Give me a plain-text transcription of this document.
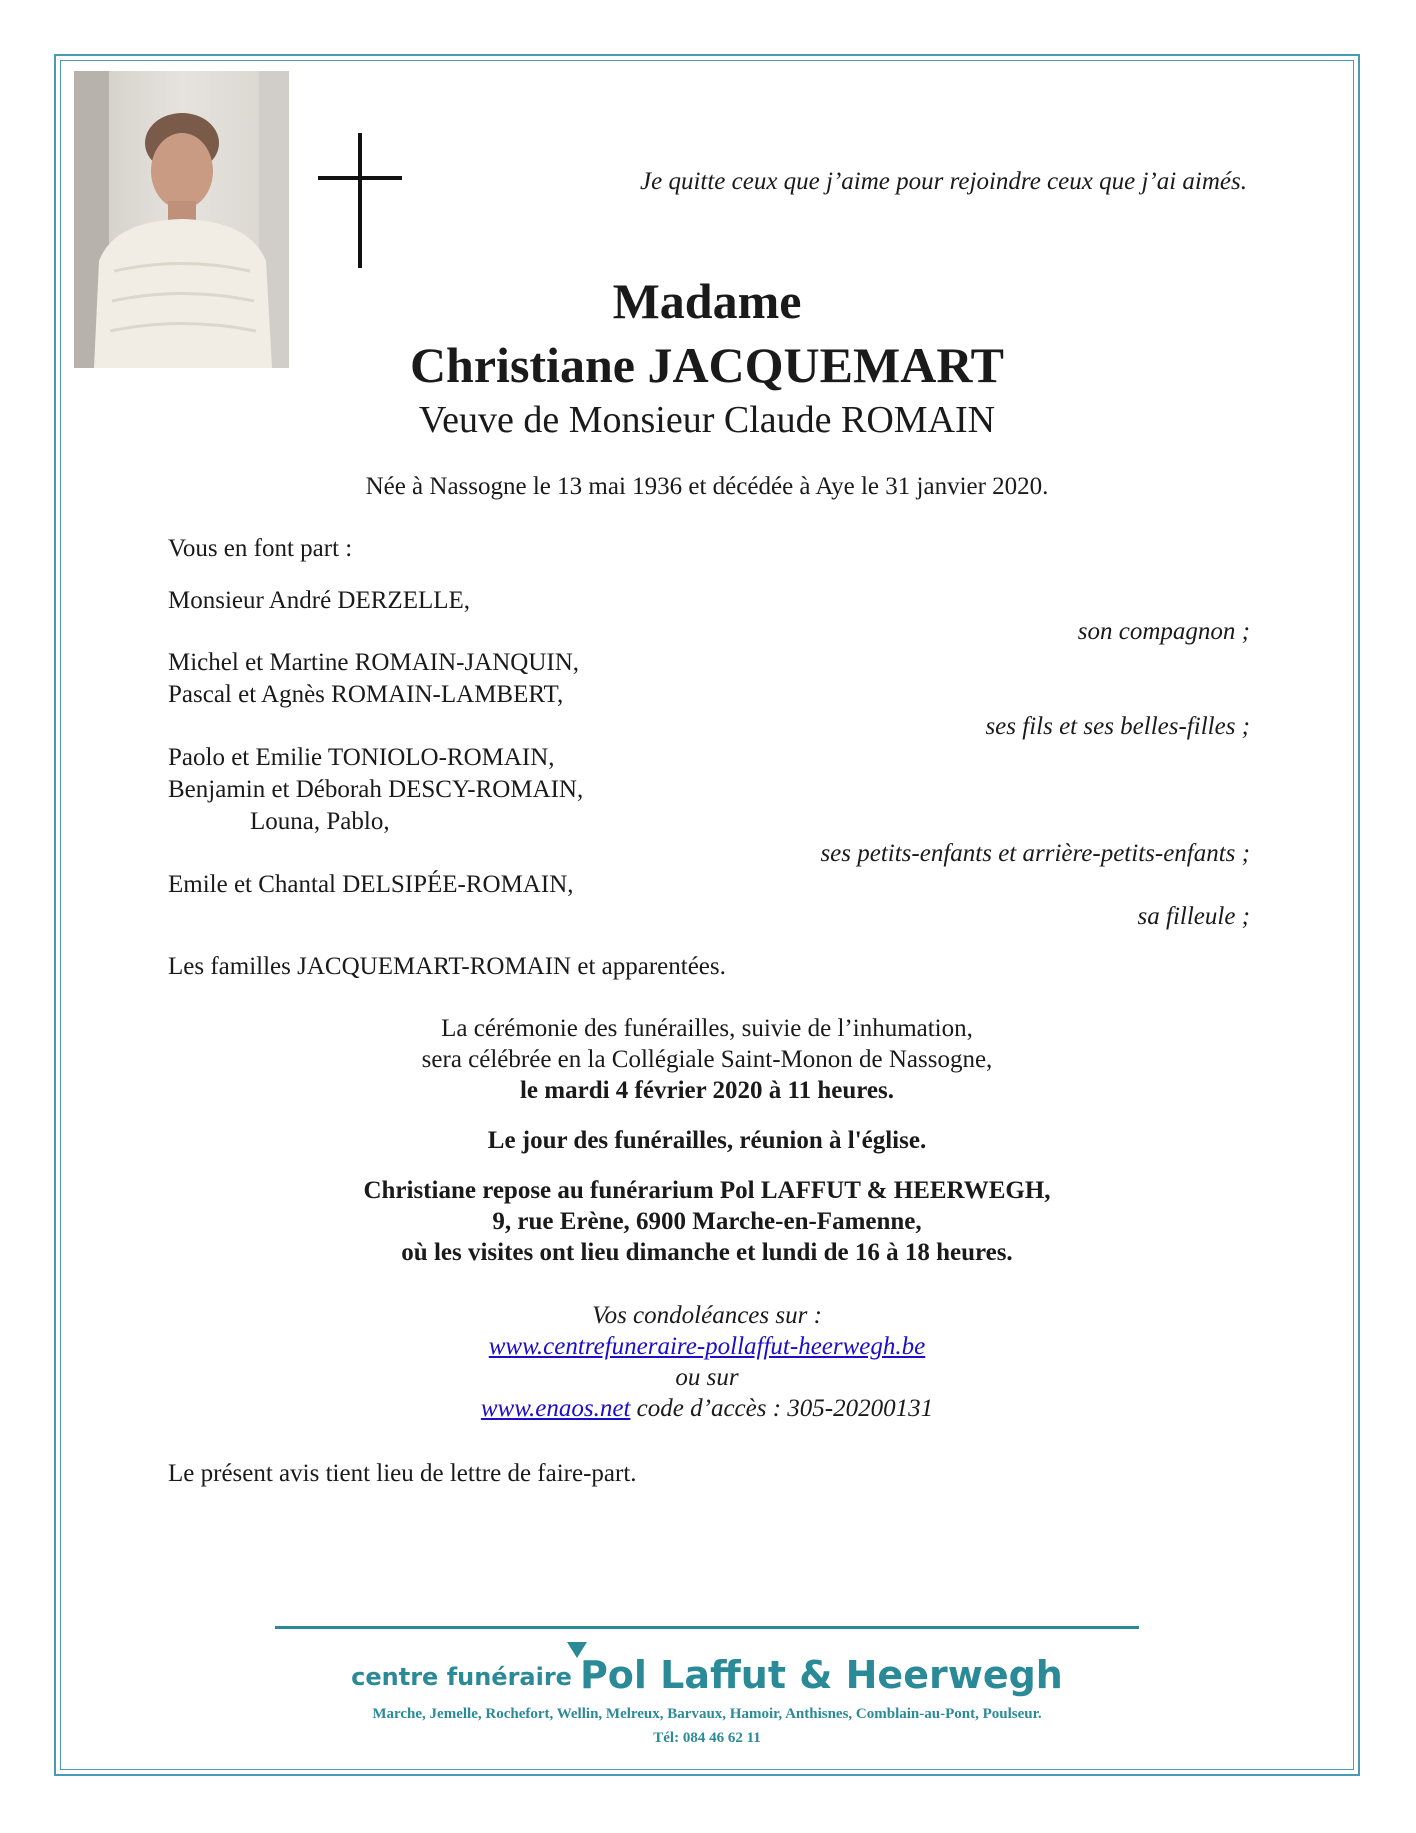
Je quitte ceux que j’aime pour rejoindre ceux que j’ai aimés.
Madame
Christiane JACQUEMART
Veuve de Monsieur Claude ROMAIN
Née à Nassogne le 13 mai 1936 et décédée à Aye le 31 janvier 2020.
Vous en font part :
Monsieur André DERZELLE,
son compagnon ;
Michel et Martine ROMAIN-JANQUIN,
Pascal et Agnès ROMAIN-LAMBERT,
ses fils et ses belles-filles ;
Paolo et Emilie TONIOLO-ROMAIN,
Benjamin et Déborah DESCY-ROMAIN,
Louna, Pablo,
ses petits-enfants et arrière-petits-enfants ;
Emile et Chantal DELSIPÉE-ROMAIN,
sa filleule ;
Les familles JACQUEMART-ROMAIN et apparentées.
La cérémonie des funérailles, suivie de l’inhumation,
sera célébrée en la Collégiale Saint-Monon de Nassogne,
le mardi 4 février 2020 à 11 heures.
Le jour des funérailles, réunion à l'église.
Christiane repose au funérarium Pol LAFFUT & HEERWEGH,
9, rue Erène, 6900 Marche-en-Famenne,
où les visites ont lieu dimanche et lundi de 16 à 18 heures.
Vos condoléances sur :
www.centrefuneraire-pollaffut-heerwegh.be
ou sur
www.enaos.net code d’accès : 305-20200131
Le présent avis tient lieu de lettre de faire-part.
centre funéraire Pol Laffut & Heerwegh
Marche, Jemelle, Rochefort, Wellin, Melreux, Barvaux, Hamoir, Anthisnes, Comblain-au-Pont, Poulseur.
Tél: 084 46 62 11
